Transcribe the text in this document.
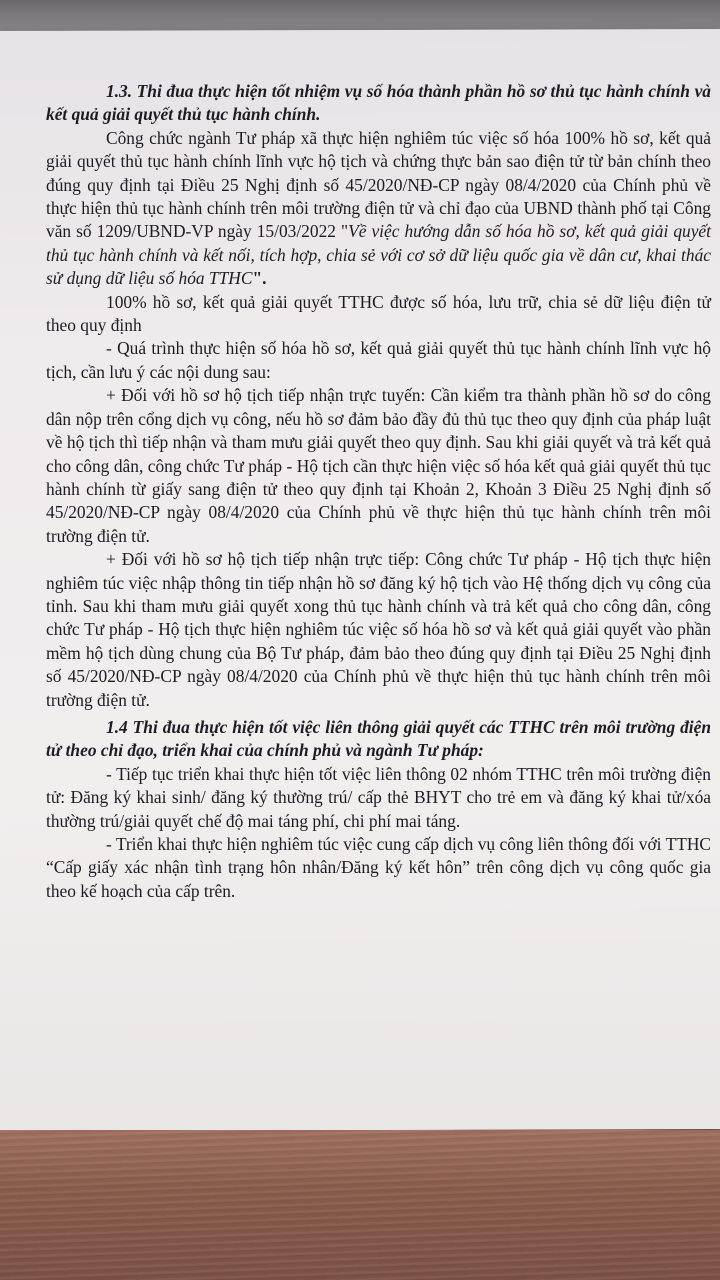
1.3. Thi đua thực hiện tốt nhiệm vụ số hóa thành phần hồ sơ thủ tục hành chính và kết quả giải quyết thủ tục hành chính.

Công chức ngành Tư pháp xã thực hiện nghiêm túc việc số hóa 100% hồ sơ, kết quả giải quyết thủ tục hành chính lĩnh vực hộ tịch và chứng thực bản sao điện tử từ bản chính theo đúng quy định tại Điều 25 Nghị định số 45/2020/NĐ-CP ngày 08/4/2020 của Chính phủ về thực hiện thủ tục hành chính trên môi trường điện tử và chỉ đạo của UBND thành phố tại Công văn số 1209/UBND-VP ngày 15/03/2022 "Về việc hướng dẫn số hóa hồ sơ, kết quả giải quyết thủ tục hành chính và kết nối, tích hợp, chia sẻ với cơ sở dữ liệu quốc gia về dân cư, khai thác sử dụng dữ liệu số hóa TTHC".

100% hồ sơ, kết quả giải quyết TTHC được số hóa, lưu trữ, chia sẻ dữ liệu điện tử theo quy định

- Quá trình thực hiện số hóa hồ sơ, kết quả giải quyết thủ tục hành chính lĩnh vực hộ tịch, cần lưu ý các nội dung sau:

+ Đối với hồ sơ hộ tịch tiếp nhận trực tuyến: Cần kiểm tra thành phần hồ sơ do công dân nộp trên cổng dịch vụ công, nếu hồ sơ đảm bảo đầy đủ thủ tục theo quy định của pháp luật về hộ tịch thì tiếp nhận và tham mưu giải quyết theo quy định. Sau khi giải quyết và trả kết quả cho công dân, công chức Tư pháp - Hộ tịch cần thực hiện việc số hóa kết quả giải quyết thủ tục hành chính từ giấy sang điện tử theo quy định tại Khoản 2, Khoản 3 Điều 25 Nghị định số 45/2020/NĐ-CP ngày 08/4/2020 của Chính phủ về thực hiện thủ tục hành chính trên môi trường điện tử.

+ Đối với hồ sơ hộ tịch tiếp nhận trực tiếp: Công chức Tư pháp - Hộ tịch thực hiện nghiêm túc việc nhập thông tin tiếp nhận hồ sơ đăng ký hộ tịch vào Hệ thống dịch vụ công của tỉnh. Sau khi tham mưu giải quyết xong thủ tục hành chính và trả kết quả cho công dân, công chức Tư pháp - Hộ tịch thực hiện nghiêm túc việc số hóa hồ sơ và kết quả giải quyết vào phần mềm hộ tịch dùng chung của Bộ Tư pháp, đảm bảo theo đúng quy định tại Điều 25 Nghị định số 45/2020/NĐ-CP ngày 08/4/2020 của Chính phủ về thực hiện thủ tục hành chính trên môi trường điện tử.

1.4 Thi đua thực hiện tốt việc liên thông giải quyết các TTHC trên môi trường điện tử theo chỉ đạo, triển khai của chính phủ và ngành Tư pháp:

- Tiếp tục triển khai thực hiện tốt việc liên thông 02 nhóm TTHC trên môi trường điện tử: Đăng ký khai sinh/ đăng ký thường trú/ cấp thẻ BHYT cho trẻ em và đăng ký khai tử/xóa thường trú/giải quyết chế độ mai táng phí, chi phí mai táng.

- Triển khai thực hiện nghiêm túc việc cung cấp dịch vụ công liên thông đối với TTHC “Cấp giấy xác nhận tình trạng hôn nhân/Đăng ký kết hôn” trên công dịch vụ công quốc gia theo kế hoạch của cấp trên.
